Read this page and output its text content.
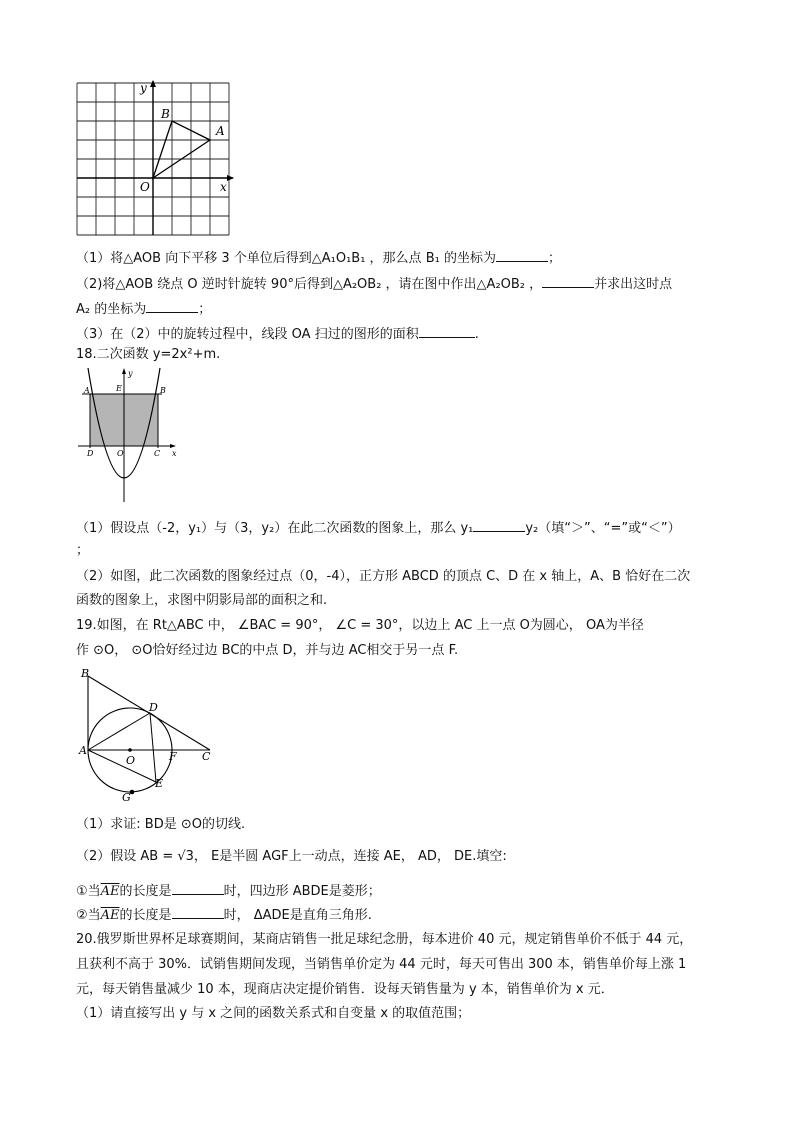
y
x
O
A
B
（1）将△AOB 向下平移 3 个单位后得到△A₁O₁B₁ ，那么点 B₁ 的坐标为	；
（2)将△AOB 绕点 O 逆时针旋转 90°后得到△A₂OB₂ ，请在图中作出△A₂OB₂ ，	并求出这时点
A₂ 的坐标为	；
（3）在（2）中的旋转过程中，线段 OA 扫过的图形的面积	.
18.二次函数 y=2x²+m.
y
x
A	B
E
D	O	C
（1）假设点（-2，y₁）与（3，y₂）在此二次函数的图象上，那么 y₁	y₂（填“＞”、“=”或“＜”）
；
（2）如图，此二次函数的图象经过点（0，-4），正方形 ABCD 的顶点 C、D 在 x 轴上，A、B 恰好在二次
函数的图象上，求图中阴影局部的面积之和.
19.如图，在 Rt△ABC 中， ∠BAC = 90°， ∠C = 30°，以边上 AC 上一点 O为圆心， OA为半径
作 ⊙O， ⊙O恰好经过边 BC的中点 D，并与边 AC相交于另一点 F.
B
D
A
O	F C
E
G
（1）求证: BD是 ⊙O的切线.
（2）假设 AB = √3， E是半圆 AGF上一动点，连接 AE， AD， DE.填空:
①当$\overline{AE}$的长度是	时，四边形 ABDE是菱形；
②当$\overline{AE}$的长度是	时， ΔADE是直角三角形.
20.俄罗斯世界杯足球赛期间，某商店销售一批足球纪念册，每本进价 40 元，规定销售单价不低于 44 元，
且获利不高于 30%．试销售期间发现，当销售单价定为 44 元时，每天可售出 300 本，销售单价每上涨 1
元，每天销售量减少 10 本，现商店决定提价销售．设每天销售量为 y 本，销售单价为 x 元．
（1）请直接写出 y 与 x 之间的函数关系式和自变量 x 的取值范围；
